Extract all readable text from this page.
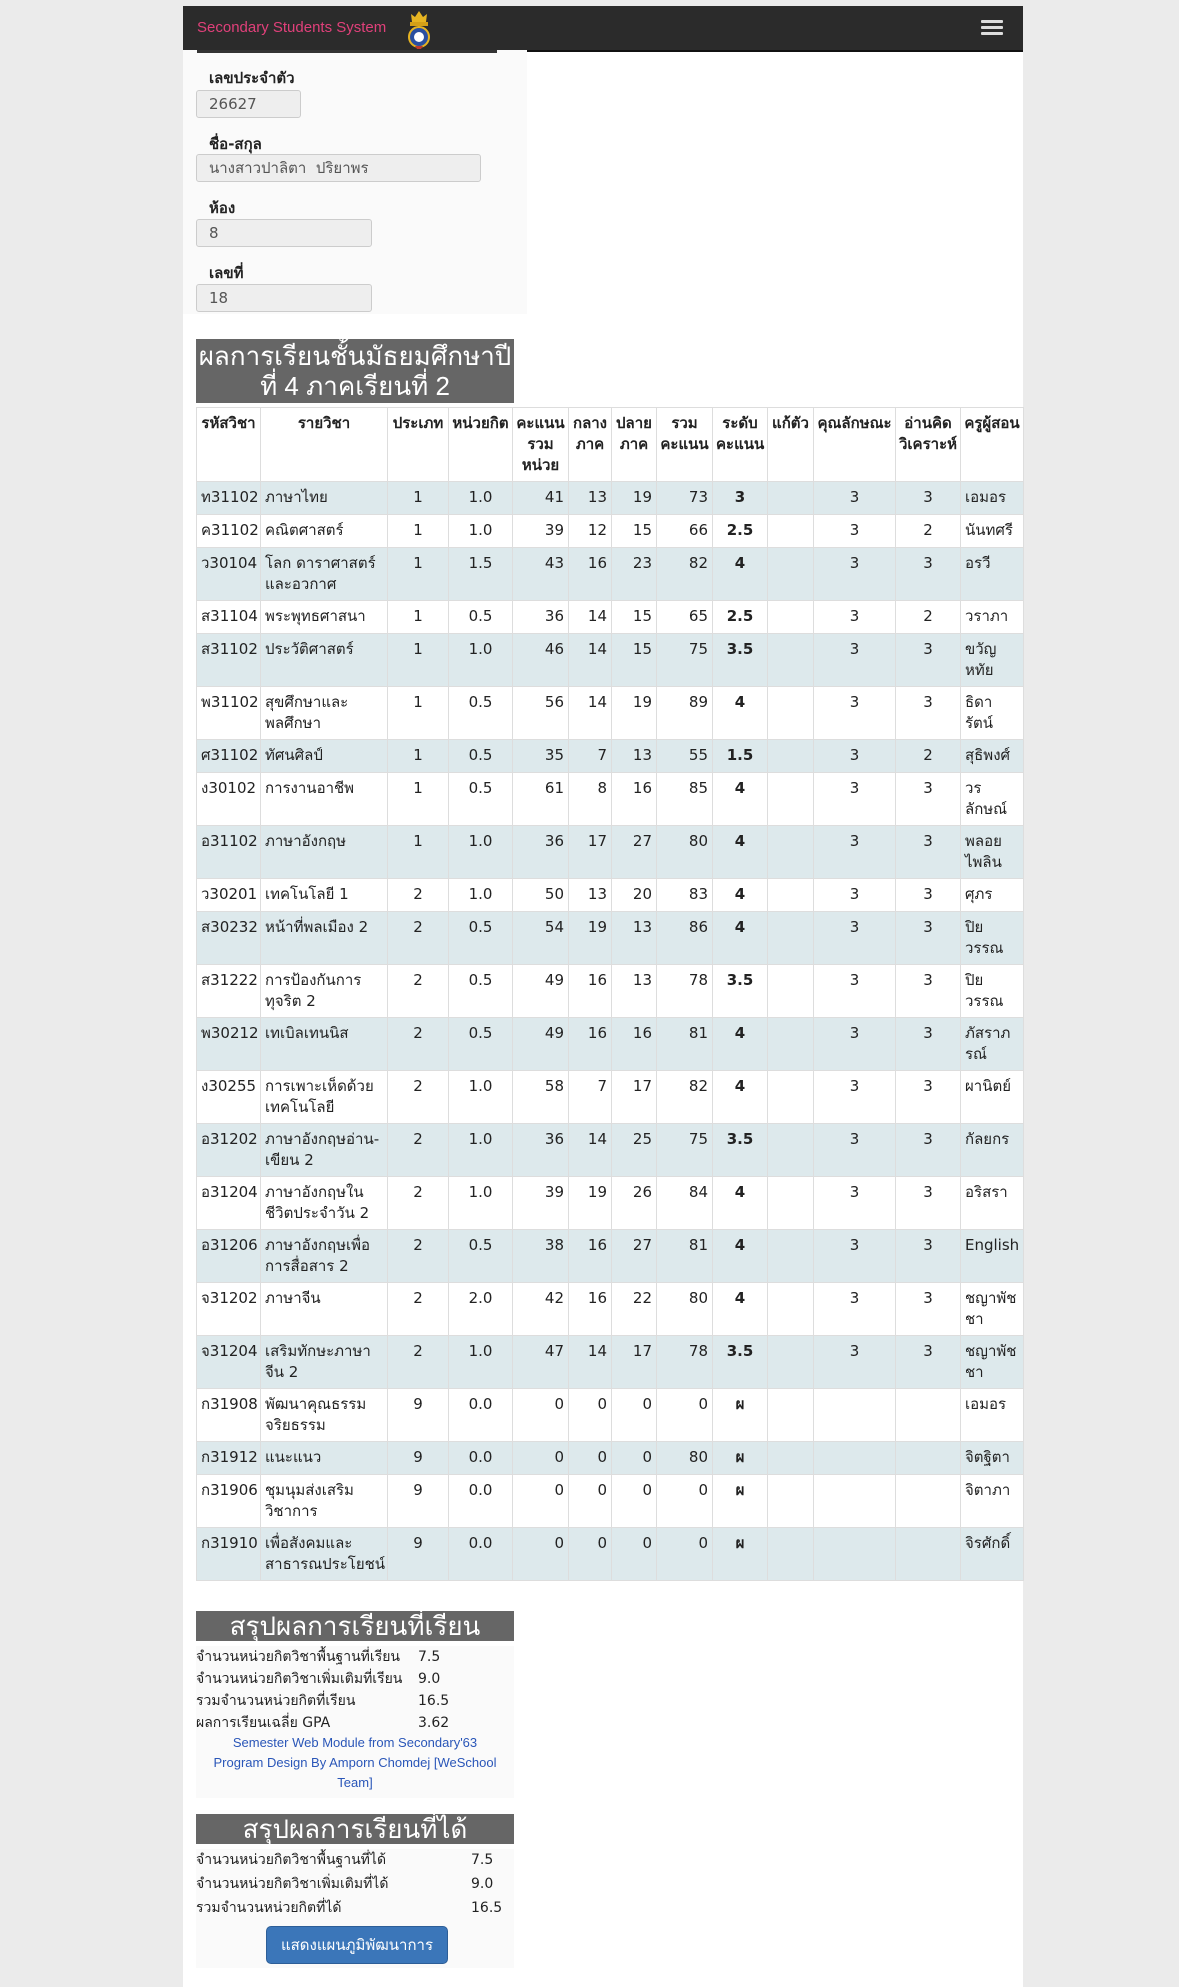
Secondary Students System
เลขประจำตัว
26627
ชื่อ-สกุล
นางสาวปาลิตา ปริยาพร
ห้อง
8
เลขที่
18
ผลการเรียนชั้นมัธยมศึกษาปีที่ 4 ภาคเรียนที่ 2
รหัสวิชา	รายวิชา	ประเภท	หน่วยกิต	คะแนนรวมหน่วย	กลางภาค	ปลายภาค	รวมคะแนน	ระดับคะแนน	แก้ตัว	คุณลักษณะ	อ่านคิดวิเคราะห์	ครูผู้สอน
ท31102	ภาษาไทย	1	1.0	41	13	19	73	3		3	3	เอมอร
ค31102	คณิตศาสตร์	1	1.0	39	12	15	66	2.5		3	2	นันทศรี
ว30104	โลก ดาราศาสตร์และอวกาศ	1	1.5	43	16	23	82	4		3	3	อรวี
ส31104	พระพุทธศาสนา	1	0.5	36	14	15	65	2.5		3	2	วราภา
ส31102	ประวัติศาสตร์	1	1.0	46	14	15	75	3.5		3	3	ขวัญหทัย
พ31102	สุขศึกษาและพลศึกษา	1	0.5	56	14	19	89	4		3	3	ธิดารัตน์
ศ31102	ทัศนศิลป์	1	0.5	35	7	13	55	1.5		3	2	สุธิพงศ์
ง30102	การงานอาชีพ	1	0.5	61	8	16	85	4		3	3	วรลักษณ์
อ31102	ภาษาอังกฤษ	1	1.0	36	17	27	80	4		3	3	พลอยไพลิน
ว30201	เทคโนโลยี 1	2	1.0	50	13	20	83	4		3	3	ศุภร
ส30232	หน้าที่พลเมือง 2	2	0.5	54	19	13	86	4		3	3	ปิยวรรณ
ส31222	การป้องกันการทุจริต 2	2	0.5	49	16	13	78	3.5		3	3	ปิยวรรณ
พ30212	เทเบิลเทนนิส	2	0.5	49	16	16	81	4		3	3	ภัสราภรณ์
ง30255	การเพาะเห็ดด้วยเทคโนโลยี	2	1.0	58	7	17	82	4		3	3	ผานิตย์
อ31202	ภาษาอังกฤษอ่าน-เขียน 2	2	1.0	36	14	25	75	3.5		3	3	กัลยกร
อ31204	ภาษาอังกฤษในชีวิตประจำวัน 2	2	1.0	39	19	26	84	4		3	3	อริสรา
อ31206	ภาษาอังกฤษเพื่อการสื่อสาร 2	2	0.5	38	16	27	81	4		3	3	English
จ31202	ภาษาจีน	2	2.0	42	16	22	80	4		3	3	ชญาพัชชา
จ31204	เสริมทักษะภาษาจีน 2	2	1.0	47	14	17	78	3.5		3	3	ชญาพัชชา
ก31908	พัฒนาคุณธรรมจริยธรรม	9	0.0	0	0	0	0	ผ				เอมอร
ก31912	แนะแนว	9	0.0	0	0	0	80	ผ				จิตฐิตา
ก31906	ชุมนุมส่งเสริมวิชาการ	9	0.0	0	0	0	0	ผ				จิตาภา
ก31910	เพื่อสังคมและสาธารณประโยชน์	9	0.0	0	0	0	0	ผ				จิรศักดิ์
สรุปผลการเรียนที่เรียน
จำนวนหน่วยกิตวิชาพื้นฐานที่เรียน 7.5
จำนวนหน่วยกิตวิชาเพิ่มเติมที่เรียน 9.0
รวมจำนวนหน่วยกิตที่เรียน	16.5
ผลการเรียนเฉลี่ย GPA	3.62
Semester Web Module from Secondary'63
Program Design By Amporn Chomdej [WeSchool
Team]
สรุปผลการเรียนที่ได้
จำนวนหน่วยกิตวิชาพื้นฐานที่ได้	7.5
จำนวนหน่วยกิตวิชาเพิ่มเติมที่ได้	9.0
รวมจำนวนหน่วยกิตที่ได้	16.5
แสดงแผนภูมิพัฒนาการ
